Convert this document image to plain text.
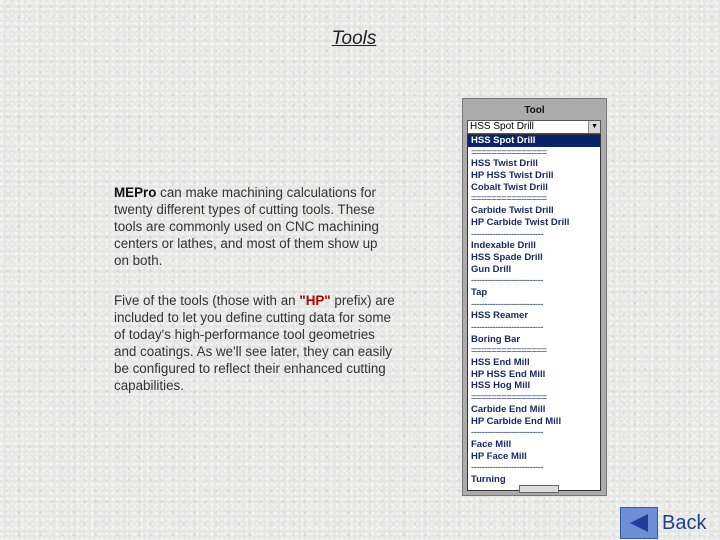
Tools
MEPro can make machining calculations for twenty different types of cutting tools. These tools are commonly used on CNC machining centers or lathes, and most of them show up on both.
Five of the tools (those with an "HP" prefix) are included to let you define cutting data for some of today's high-performance tool geometries and coatings. As we'll see later, they can easily be configured to reflect their enhanced cutting capabilities.
Tool
HSS Spot Drill	▼
HSS Spot Drill
===============
HSS Twist Drill
HP HSS Twist Drill
Cobalt Twist Drill
===============
Carbide Twist Drill
HP Carbide Twist Drill
---------------------------
Indexable Drill
HSS Spade Drill
Gun Drill
---------------------------
Tap
---------------------------
HSS Reamer
---------------------------
Boring Bar
===============
HSS End Mill
HP HSS End Mill
HSS Hog Mill
===============
Carbide End Mill
HP Carbide End Mill
---------------------------
Face Mill
HP Face Mill
---------------------------
Turning
Back
